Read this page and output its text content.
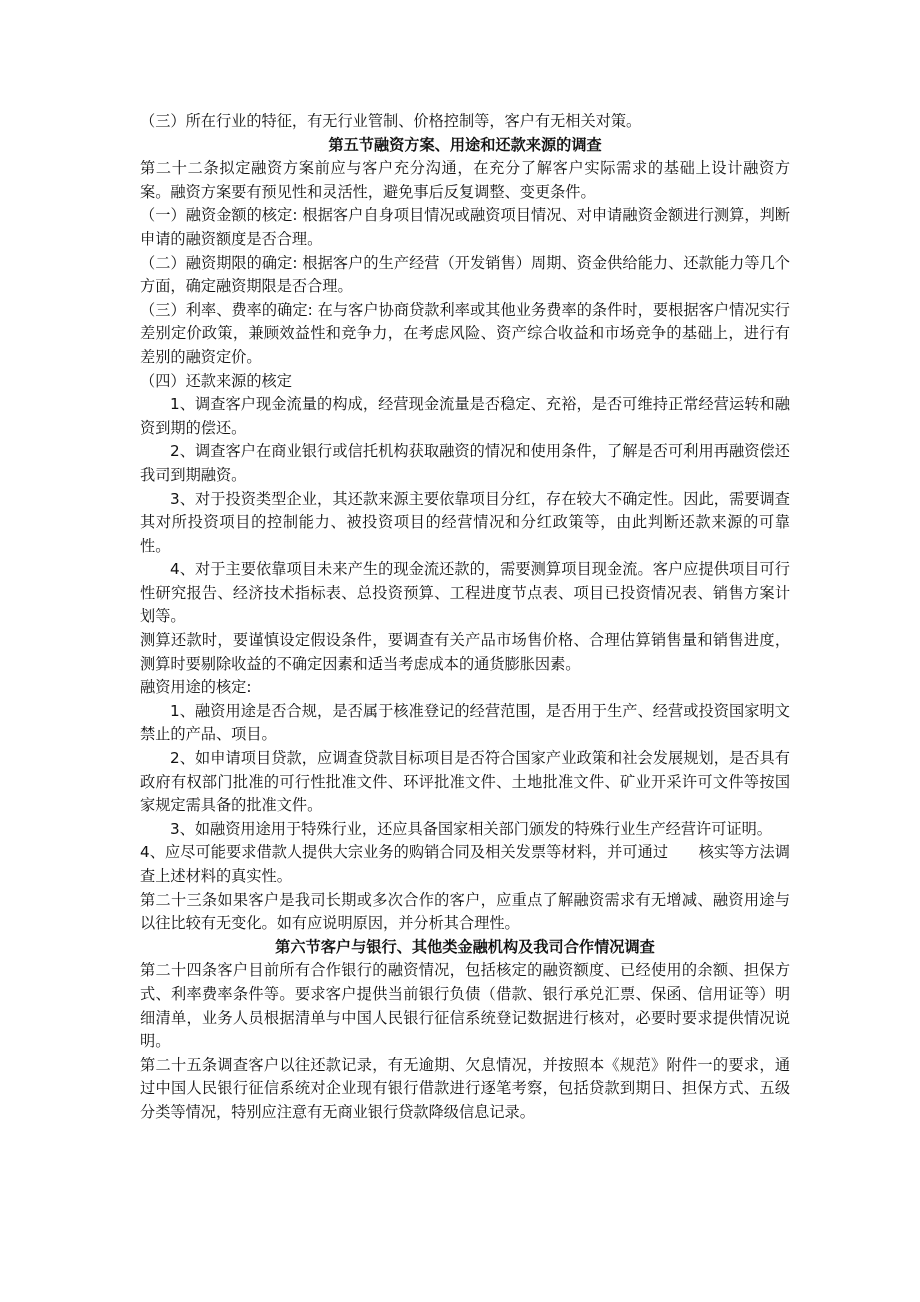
（三）所在行业的特征，有无行业管制、价格控制等，客户有无相关对策。

第五节融资方案、用途和还款来源的调查

第二十二条拟定融资方案前应与客户充分沟通，在充分了解客户实际需求的基础上设计融资方案。融资方案要有预见性和灵活性，避免事后反复调整、变更条件。

（一）融资金额的核定: 根据客户自身项目情况或融资项目情况、对申请融资金额进行测算，判断申请的融资额度是否合理。

（二）融资期限的确定: 根据客户的生产经营（开发销售）周期、资金供给能力、还款能力等几个方面，确定融资期限是否合理。

（三）利率、费率的确定: 在与客户协商贷款利率或其他业务费率的条件时，要根据客户情况实行差别定价政策，兼顾效益性和竞争力，在考虑风险、资产综合收益和市场竞争的基础上，进行有差别的融资定价。

（四）还款来源的核定

1、调查客户现金流量的构成，经营现金流量是否稳定、充裕，是否可维持正常经营运转和融资到期的偿还。

2、调查客户在商业银行或信托机构获取融资的情况和使用条件，了解是否可利用再融资偿还我司到期融资。

3、对于投资类型企业，其还款来源主要依靠项目分红，存在较大不确定性。因此，需要调查其对所投资项目的控制能力、被投资项目的经营情况和分红政策等，由此判断还款来源的可靠性。

4、对于主要依靠项目未来产生的现金流还款的，需要测算项目现金流。客户应提供项目可行性研究报告、经济技术指标表、总投资预算、工程进度节点表、项目已投资情况表、销售方案计划等。

测算还款时，要谨慎设定假设条件，要调查有关产品市场售价格、合理估算销售量和销售进度，测算时要剔除收益的不确定因素和适当考虑成本的通货膨胀因素。

融资用途的核定:

1、融资用途是否合规，是否属于核准登记的经营范围，是否用于生产、经营或投资国家明文禁止的产品、项目。

2、如申请项目贷款，应调查贷款目标项目是否符合国家产业政策和社会发展规划，是否具有政府有权部门批准的可行性批准文件、环评批准文件、土地批准文件、矿业开采许可文件等按国家规定需具备的批准文件。

3、如融资用途用于特殊行业，还应具备国家相关部门颁发的特殊行业生产经营许可证明。

4、应尽可能要求借款人提供大宗业务的购销合同及相关发票等材料，并可通过　　核实等方法调查上述材料的真实性。

第二十三条如果客户是我司长期或多次合作的客户，应重点了解融资需求有无增减、融资用途与以往比较有无变化。如有应说明原因，并分析其合理性。

第六节客户与银行、其他类金融机构及我司合作情况调查

第二十四条客户目前所有合作银行的融资情况，包括核定的融资额度、已经使用的余额、担保方式、利率费率条件等。要求客户提供当前银行负债（借款、银行承兑汇票、保函、信用证等）明细清单，业务人员根据清单与中国人民银行征信系统登记数据进行核对，必要时要求提供情况说明。

第二十五条调查客户以往还款记录，有无逾期、欠息情况，并按照本《规范》附件一的要求，通过中国人民银行征信系统对企业现有银行借款进行逐笔考察，包括贷款到期日、担保方式、五级分类等情况，特别应注意有无商业银行贷款降级信息记录。
